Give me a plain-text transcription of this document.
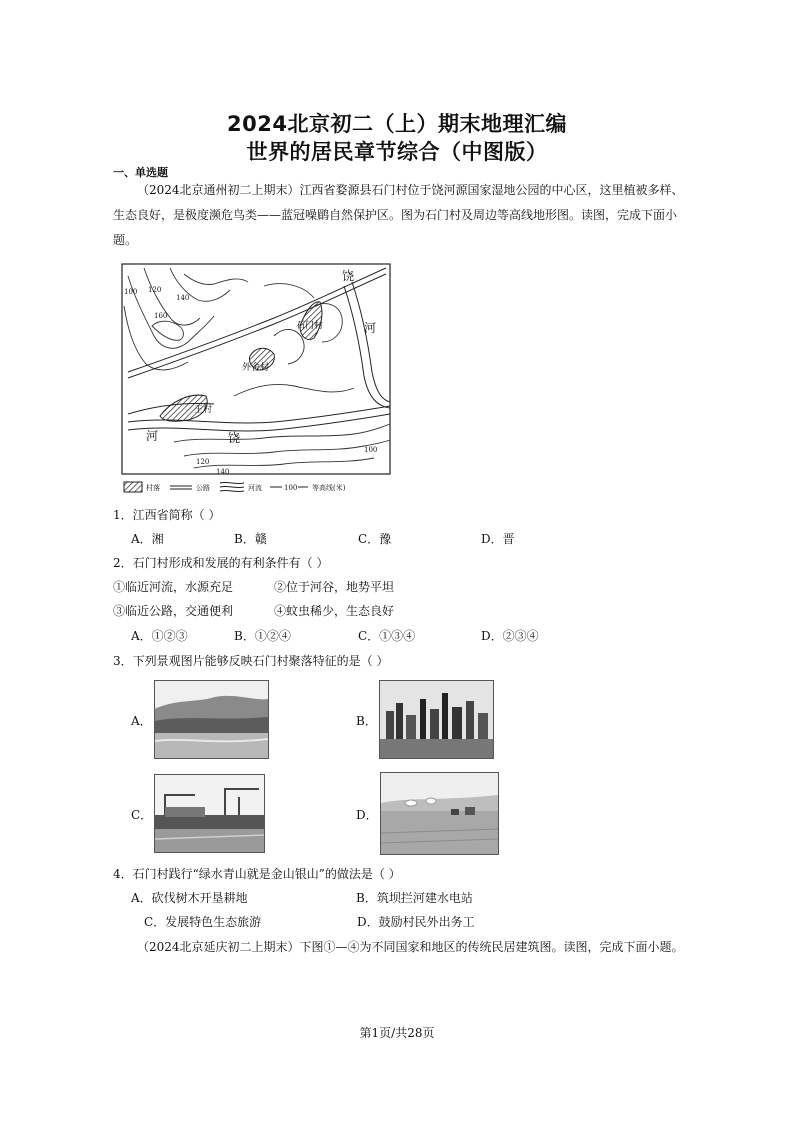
2024北京初二（上）期末地理汇编
世界的居民章节综合（中图版）
一、单选题
（2024北京通州初二上期末）江西省婺源县石门村位于饶河源国家湿地公园的中心区，这里植被多样、生态良好，是极度濒危鸟类——蓝冠噪鹛自然保护区。图为石门村及周边等高线地形图。读图，完成下面小题。
饶
河
河	饶
石门村
外舍村
王村
100 120
140
160
120
140
100
村落	公路	河流	100 等高线(米)
1．江西省简称（ ）
A．湘	B．赣	C．豫	D．晋
2．石门村形成和发展的有利条件有（ ）
①临近河流，水源充足	②位于河谷，地势平坦
③临近公路，交通便利	④蚊虫稀少，生态良好
A．①②③	B．①②④	C．①③④	D．②③④
3．下列景观图片能够反映石门村聚落特征的是（ ）
A．	B．
C．	D．
4．石门村践行“绿水青山就是金山银山”的做法是（ ）
A．砍伐树木开垦耕地	B．筑坝拦河建水电站
C．发展特色生态旅游	D．鼓励村民外出务工
（2024北京延庆初二上期末）下图①—④为不同国家和地区的传统民居建筑图。读图，完成下面小题。
第1页/共28页
